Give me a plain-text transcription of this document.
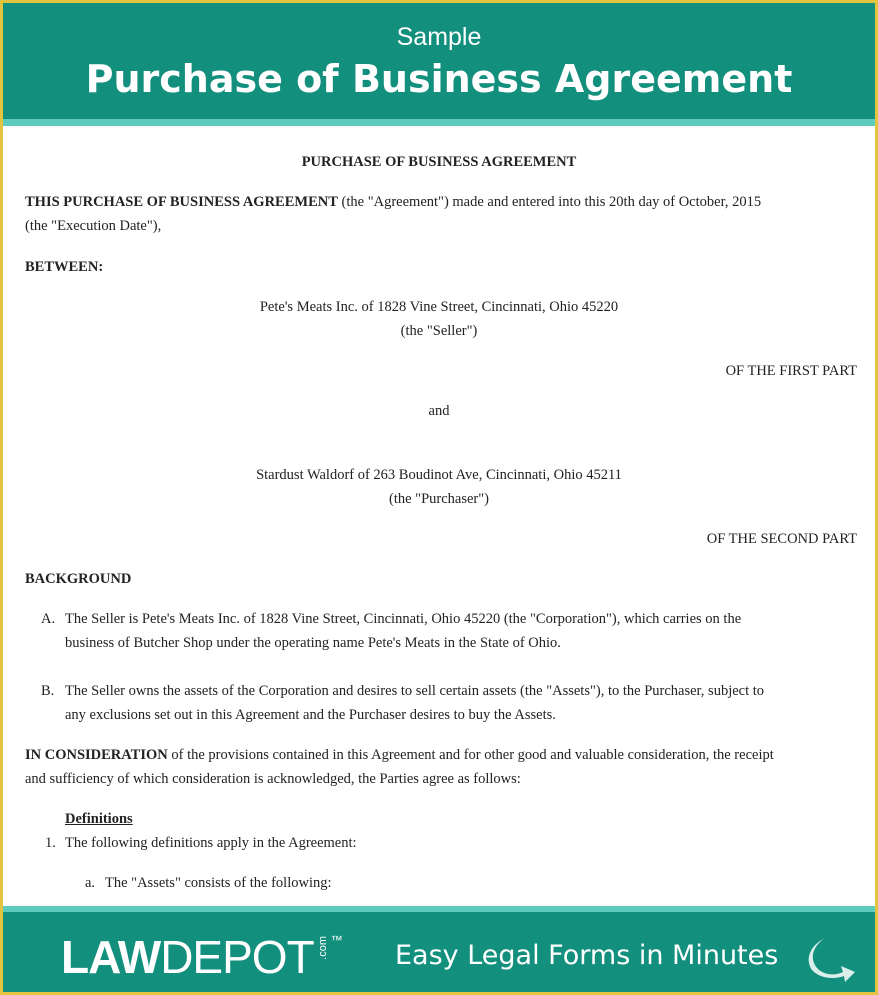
Sample
Purchase of Business Agreement
PURCHASE OF BUSINESS AGREEMENT
THIS PURCHASE OF BUSINESS AGREEMENT (the "Agreement") made and entered into this 20th day of October, 2015
(the "Execution Date"),
BETWEEN:
Pete's Meats Inc. of 1828 Vine Street, Cincinnati, Ohio 45220
(the "Seller")
OF THE FIRST PART
and
Stardust Waldorf of 263 Boudinot Ave, Cincinnati, Ohio 45211
(the "Purchaser")
OF THE SECOND PART
BACKGROUND
A. The Seller is Pete's Meats Inc. of 1828 Vine Street, Cincinnati, Ohio 45220 (the "Corporation"), which carries on the
business of Butcher Shop under the operating name Pete's Meats in the State of Ohio.
B. The Seller owns the assets of the Corporation and desires to sell certain assets (the "Assets"), to the Purchaser, subject to
any exclusions set out in this Agreement and the Purchaser desires to buy the Assets.
IN CONSIDERATION of the provisions contained in this Agreement and for other good and valuable consideration, the receipt
and sufficiency of which consideration is acknowledged, the Parties agree as follows:
Definitions
1. The following definitions apply in the Agreement:
a. The "Assets" consists of the following:
LAW DEPOT .com ™ Easy Legal Forms in Minutes
